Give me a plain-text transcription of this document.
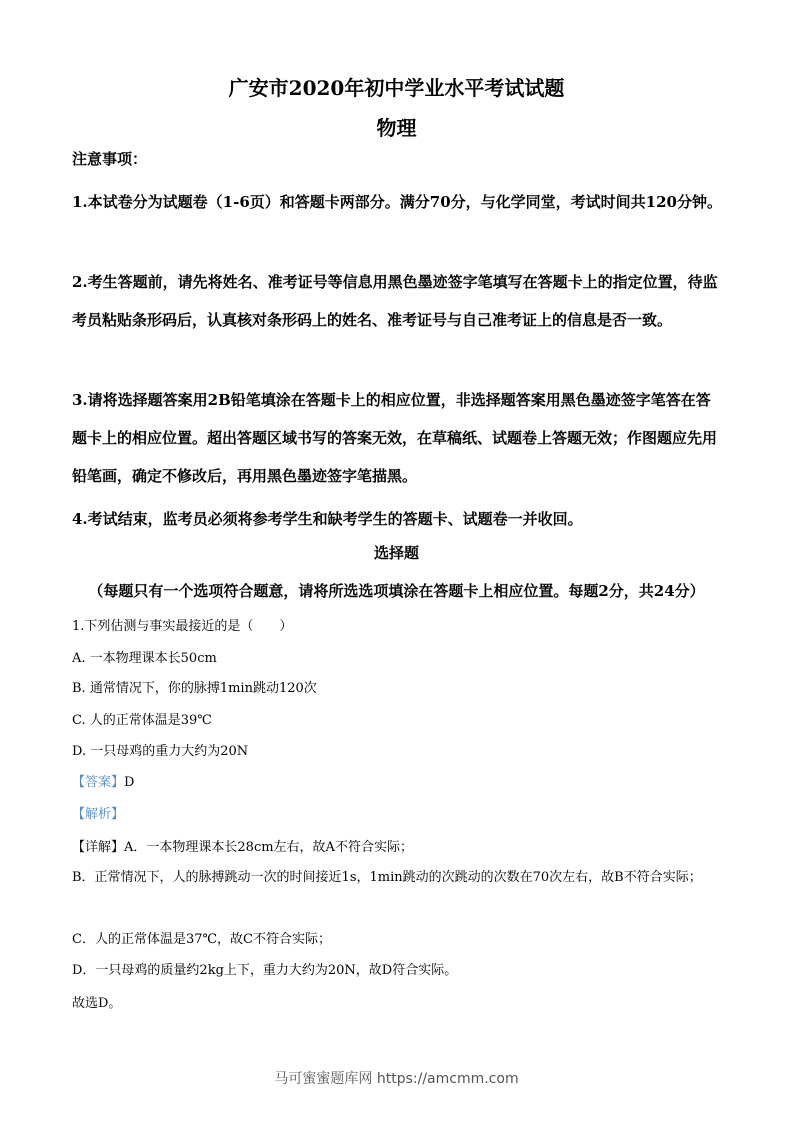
广安市2020年初中学业水平考试试题
物理
注意事项：
1.本试卷分为试题卷（1-6页）和答题卡两部分。满分70分，与化学同堂，考试时间共120分钟。
2.考生答题前，请先将姓名、准考证号等信息用黑色墨迹签字笔填写在答题卡上的指定位置，待监考员粘贴条形码后，认真核对条形码上的姓名、准考证号与自己准考证上的信息是否一致。
3.请将选择题答案用2B铅笔填涂在答题卡上的相应位置，非选择题答案用黑色墨迹签字笔答在答题卡上的相应位置。超出答题区域书写的答案无效，在草稿纸、试题卷上答题无效；作图题应先用铅笔画，确定不修改后，再用黑色墨迹签字笔描黑。
4.考试结束，监考员必须将参考学生和缺考学生的答题卡、试题卷一并收回。
选择题
（每题只有一个选项符合题意，请将所选选项填涂在答题卡上相应位置。每题2分，共24分）
1.下列估测与事实最接近的是（　　）
A. 一本物理课本长50cm
B. 通常情况下，你的脉搏1min跳动120次
C. 人的正常体温是39℃
D. 一只母鸡的重力大约为20N
【答案】D
【解析】
【详解】A．一本物理课本长28cm左右，故A不符合实际；
B．正常情况下，人的脉搏跳动一次的时间接近1s，1min跳动的次跳动的次数在70次左右，故B不符合实际；
C．人的正常体温是37℃，故C不符合实际；
D．一只母鸡的质量约2kg上下，重力大约为20N，故D符合实际。
故选D。
马可蜜蜜题库网 https://amcmm.com
